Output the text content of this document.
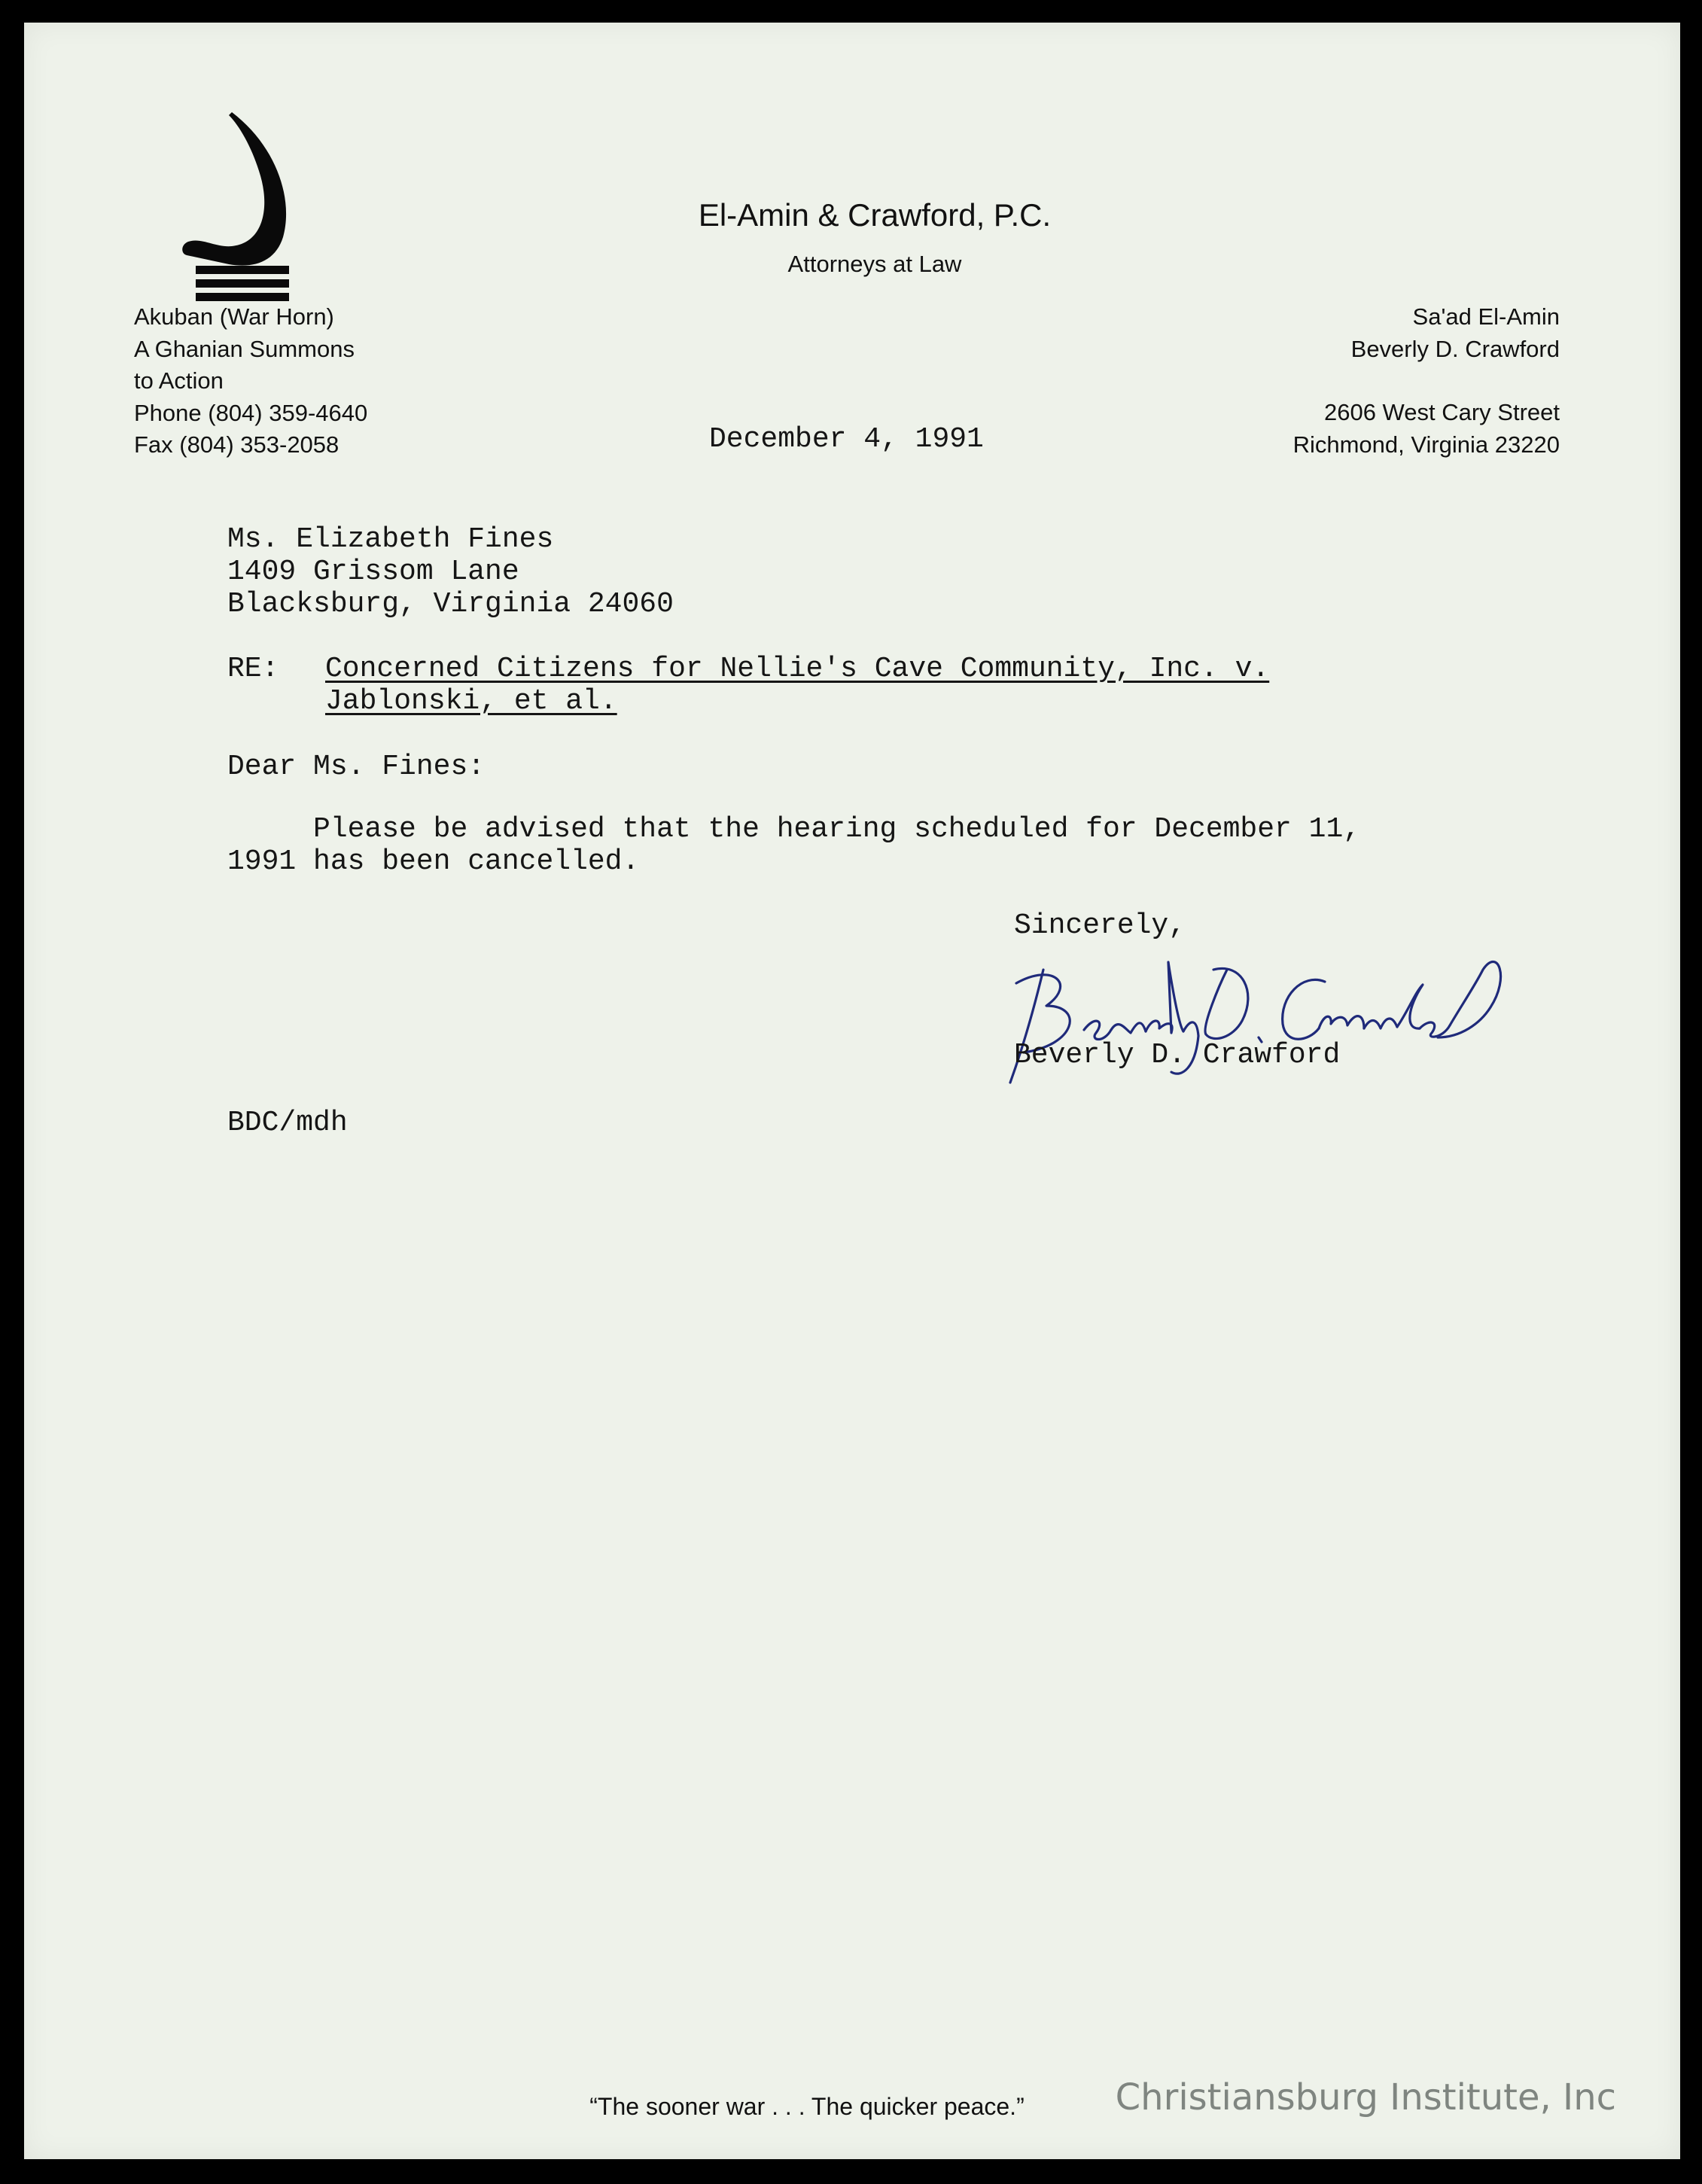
El-Amin & Crawford, P.C.
Attorneys at Law
Akuban (War Horn)
A Ghanian Summons
to Action
Phone (804) 359-4640
Fax (804) 353-2058
Sa'ad El-Amin
Beverly D. Crawford
2606 West Cary Street
Richmond, Virginia 23220
December 4, 1991
Ms. Elizabeth Fines
1409 Grissom Lane
Blacksburg, Virginia 24060
RE: Concerned Citizens for Nellie's Cave Community, Inc. v.
Jablonski, et al.
Dear Ms. Fines:
Please be advised that the hearing scheduled for December 11,
1991 has been cancelled.
Sincerely,
Beverly D. Crawford
BDC/mdh
“The sooner war . . . The quicker peace.”	Christiansburg Institute, Inc
